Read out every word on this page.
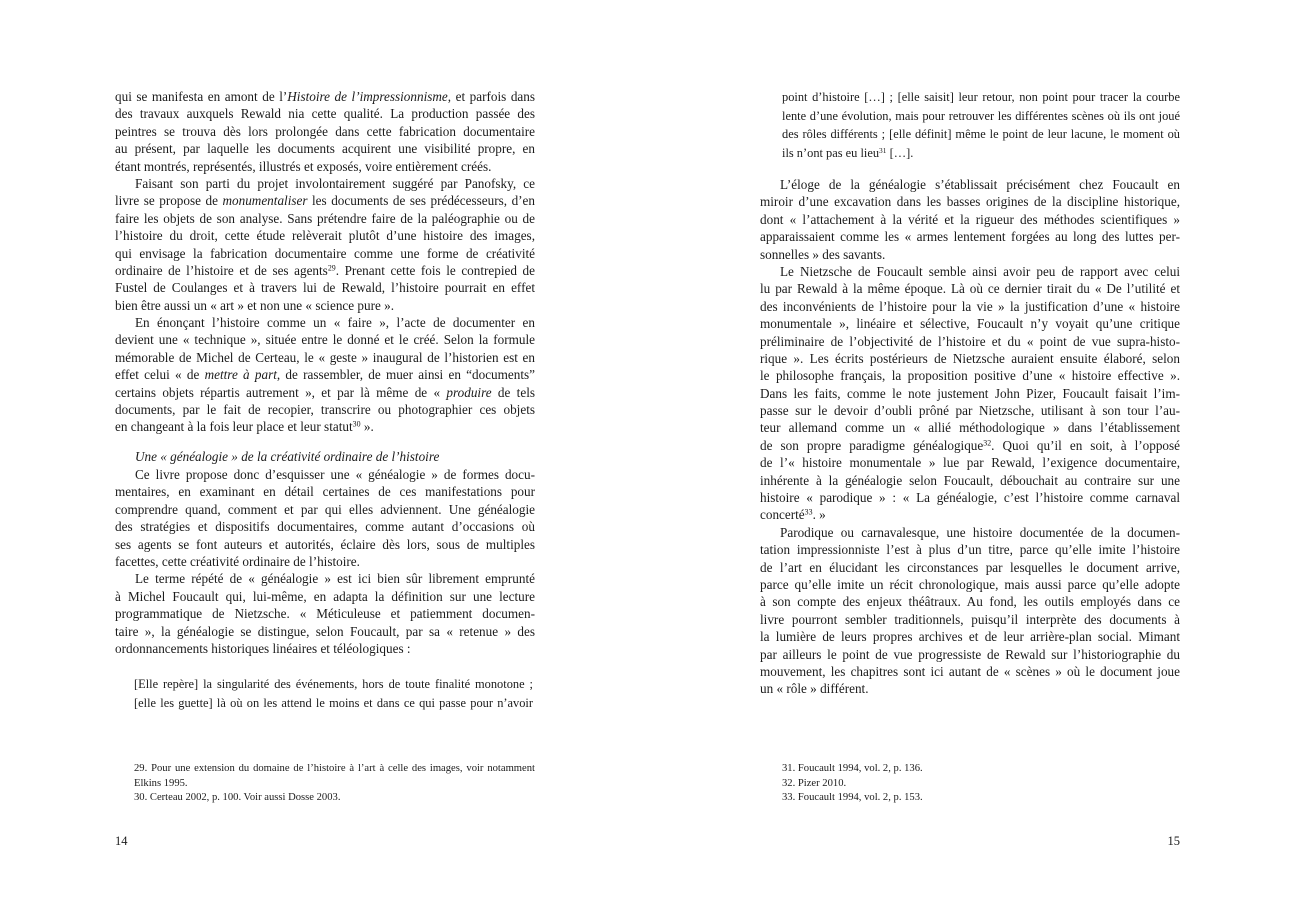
qui se manifesta en amont de l’Histoire de l’impressionnisme, et parfois dans
des travaux auxquels Rewald nia cette qualité. La production passée des
peintres se trouva dès lors prolongée dans cette fabrication documentaire
au présent, par laquelle les documents acquirent une visibilité propre, en
étant montrés, représentés, illustrés et exposés, voire entièrement créés.
Faisant son parti du projet involontairement suggéré par Panofsky, ce
livre se propose de monumentaliser les documents de ses prédécesseurs, d’en
faire les objets de son analyse. Sans prétendre faire de la paléographie ou de
l’histoire du droit, cette étude relèverait plutôt d’une histoire des images,
qui envisage la fabrication documentaire comme une forme de créativité
ordinaire de l’histoire et de ses agents$^{29}$. Prenant cette fois le contrepied de
Fustel de Coulanges et à travers lui de Rewald, l’histoire pourrait en effet
bien être aussi un « art » et non une « science pure ».
En énonçant l’histoire comme un « faire », l’acte de documenter en
devient une « technique », située entre le donné et le créé. Selon la formule
mémorable de Michel de Certeau, le « geste » inaugural de l’historien est en
effet celui « de mettre à part, de rassembler, de muer ainsi en “documents”
certains objets répartis autrement », et par là même de « produire de tels
documents, par le fait de recopier, transcrire ou photographier ces objets
en changeant à la fois leur place et leur statut$^{30}$ ».
Une « généalogie » de la créativité ordinaire de l’histoire
Ce livre propose donc d’esquisser une « généalogie » de formes docu-
mentaires, en examinant en détail certaines de ces manifestations pour
comprendre quand, comment et par qui elles adviennent. Une généalogie
des stratégies et dispositifs documentaires, comme autant d’occasions où
ses agents se font auteurs et autorités, éclaire dès lors, sous de multiples
facettes, cette créativité ordinaire de l’histoire.
Le terme répété de « généalogie » est ici bien sûr librement emprunté
à Michel Foucault qui, lui-même, en adapta la définition sur une lecture
programmatique de Nietzsche. « Méticuleuse et patiemment documen-
taire », la généalogie se distingue, selon Foucault, par sa « retenue » des
ordonnancements historiques linéaires et téléologiques :
[Elle repère] la singularité des événements, hors de toute finalité monotone ;
[elle les guette] là où on les attend le moins et dans ce qui passe pour n’avoir
29. Pour une extension du domaine de l’histoire à l’art à celle des images, voir notamment
Elkins 1995.
30. Certeau 2002, p. 100. Voir aussi Dosse 2003.
14
point d’histoire […] ; [elle saisit] leur retour, non point pour tracer la courbe
lente d’une évolution, mais pour retrouver les différentes scènes où ils ont joué
des rôles différents ; [elle définit] même le point de leur lacune, le moment où
ils n’ont pas eu lieu$^{31}$ […].
L’éloge de la généalogie s’établissait précisément chez Foucault en
miroir d’une excavation dans les basses origines de la discipline historique,
dont « l’attachement à la vérité et la rigueur des méthodes scientifiques »
apparaissaient comme les « armes lentement forgées au long des luttes per-
sonnelles » des savants.
Le Nietzsche de Foucault semble ainsi avoir peu de rapport avec celui
lu par Rewald à la même époque. Là où ce dernier tirait du « De l’utilité et
des inconvénients de l’histoire pour la vie » la justification d’une « histoire
monumentale », linéaire et sélective, Foucault n’y voyait qu’une critique
préliminaire de l’objectivité de l’histoire et du « point de vue supra-histo-
rique ». Les écrits postérieurs de Nietzsche auraient ensuite élaboré, selon
le philosophe français, la proposition positive d’une « histoire effective ».
Dans les faits, comme le note justement John Pizer, Foucault faisait l’im-
passe sur le devoir d’oubli prôné par Nietzsche, utilisant à son tour l’au-
teur allemand comme un « allié méthodologique » dans l’établissement
de son propre paradigme généalogique$^{32}$. Quoi qu’il en soit, à l’opposé
de l’« histoire monumentale » lue par Rewald, l’exigence documentaire,
inhérente à la généalogie selon Foucault, débouchait au contraire sur une
histoire « parodique » : « La généalogie, c’est l’histoire comme carnaval
concerté$^{33}$. »
Parodique ou carnavalesque, une histoire documentée de la documen-
tation impressionniste l’est à plus d’un titre, parce qu’elle imite l’histoire
de l’art en élucidant les circonstances par lesquelles le document arrive,
parce qu’elle imite un récit chronologique, mais aussi parce qu’elle adopte
à son compte des enjeux théâtraux. Au fond, les outils employés dans ce
livre pourront sembler traditionnels, puisqu’il interprète des documents à
la lumière de leurs propres archives et de leur arrière-plan social. Mimant
par ailleurs le point de vue progressiste de Rewald sur l’historiographie du
mouvement, les chapitres sont ici autant de « scènes » où le document joue
un « rôle » différent.
31. Foucault 1994, vol. 2, p. 136.
32. Pizer 2010.
33. Foucault 1994, vol. 2, p. 153.
15
